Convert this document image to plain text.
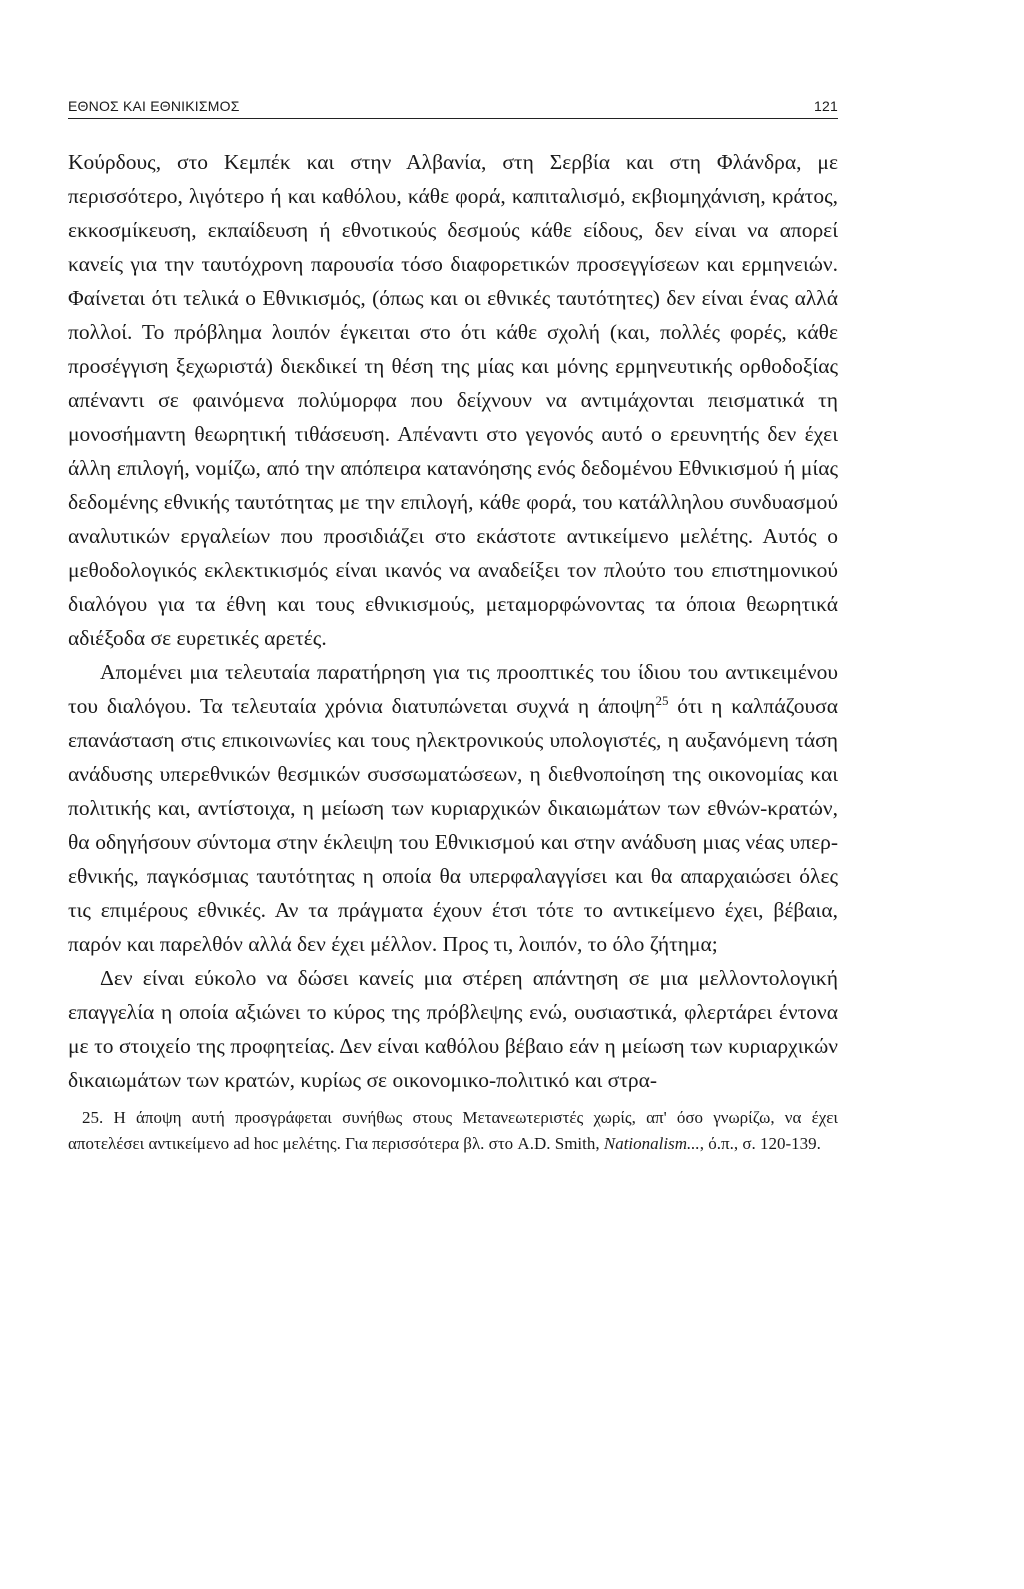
ΕΘΝΟΣ ΚΑΙ ΕΘΝΙΚΙΣΜΟΣ	121

Κούρδους, στο Κεμπέκ και στην Αλβανία, στη Σερβία και στη Φλάνδρα, με περισσότερο, λιγότερο ή και καθόλου, κάθε φορά, καπιταλισμό, εκβιομηχάνιση, κράτος, εκκοσμίκευση, εκπαίδευση ή εθνοτικούς δεσμούς κάθε είδους, δεν είναι να απορεί κανείς για την ταυτόχρονη παρουσία τόσο διαφορετικών προσεγγίσεων και ερμηνειών. Φαίνεται ότι τελικά ο Εθνικισμός, (όπως και οι εθνικές ταυτότητες) δεν είναι ένας αλλά πολλοί. Το πρόβλημα λοιπόν έγκειται στο ότι κάθε σχολή (και, πολλές φορές, κάθε προσέγγιση ξεχωριστά) διεκδικεί τη θέση της μίας και μόνης ερμηνευτικής ορθοδοξίας απέναντι σε φαινόμενα πολύμορφα που δείχνουν να αντιμάχονται πεισματικά τη μονοσήμαντη θεωρητική τιθάσευση. Απέναντι στο γεγονός αυτό ο ερευνητής δεν έχει άλλη επιλογή, νομίζω, από την απόπειρα κατανόησης ενός δεδομένου Εθνικισμού ή μίας δεδομένης εθνικής ταυτότητας με την επιλογή, κάθε φορά, του κατάλληλου συνδυασμού αναλυτικών εργαλείων που προσιδιάζει στο εκάστοτε αντικείμενο μελέτης. Αυτός ο μεθοδολογικός εκλεκτικισμός είναι ικανός να αναδείξει τον πλούτο του επιστημονικού διαλόγου για τα έθνη και τους εθνικισμούς, μεταμορφώνοντας τα όποια θεωρητικά αδιέξοδα σε ευρετικές αρετές.

Απομένει μια τελευταία παρατήρηση για τις προοπτικές του ίδιου του αντικειμένου του διαλόγου. Τα τελευταία χρόνια διατυπώνεται συχνά η άποψη$^{25}$ ότι η καλπάζουσα επανάσταση στις επικοινωνίες και τους ηλεκτρονικούς υπολογιστές, η αυξανόμενη τάση ανάδυσης υπερεθνικών θεσμικών συσσωματώσεων, η διεθνοποίηση της οικονομίας και πολιτικής και, αντίστοιχα, η μείωση των κυριαρχικών δικαιωμάτων των εθνών-κρατών, θα οδηγήσουν σύντομα στην έκλειψη του Εθνικισμού και στην ανάδυση μιας νέας υπερ-εθνικής, παγκόσμιας ταυτότητας η οποία θα υπερφαλαγγίσει και θα απαρχαιώσει όλες τις επιμέρους εθνικές. Αν τα πράγματα έχουν έτσι τότε το αντικείμενο έχει, βέβαια, παρόν και παρελθόν αλλά δεν έχει μέλλον. Προς τι, λοιπόν, το όλο ζήτημα;

Δεν είναι εύκολο να δώσει κανείς μια στέρεη απάντηση σε μια μελλοντολογική επαγγελία η οποία αξιώνει το κύρος της πρόβλεψης ενώ, ουσιαστικά, φλερτάρει έντονα με το στοιχείο της προφητείας. Δεν είναι καθόλου βέβαιο εάν η μείωση των κυριαρχικών δικαιωμάτων των κρατών, κυρίως σε οικονομικο-πολιτικό και στρα-

25. Η άποψη αυτή προσγράφεται συνήθως στους Μετανεωτεριστές χωρίς, απ' όσο γνωρίζω, να έχει αποτελέσει αντικείμενο ad hoc μελέτης. Για περισσότερα βλ. στο A.D. Smith, Nationalism..., ό.π., σ. 120-139.
